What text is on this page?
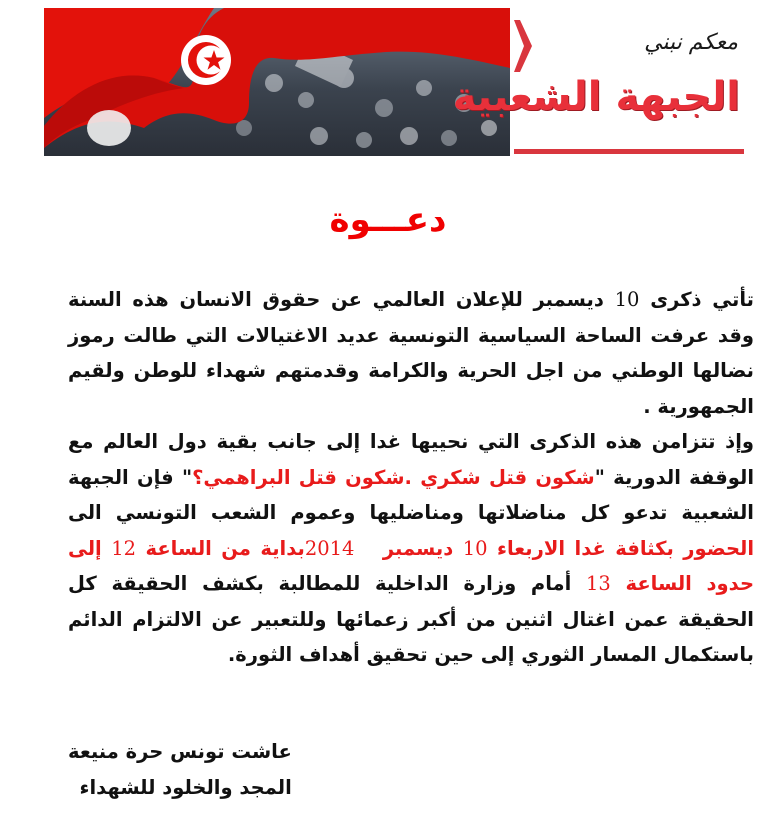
معكم نبني
الجبهة الشعبية
دعـــوة

تأتي ذكرى 10 ديسمبر للإعلان العالمي عن حقوق الانسان هذه السنة وقد عرفت الساحة السياسية التونسية عديد الاغتيالات التي طالت رموز نضالها الوطني من اجل الحرية والكرامة وقدمتهم شهداء للوطن ولقيم الجمهورية .

وإذ تتزامن هذه الذكرى التي نحييها غدا إلى جانب بقية دول العالم مع الوقفة الدورية "شكون قتل شكري .شكون قتل البراهمي؟" فإن الجبهة الشعبية تدعو كل مناضلاتها ومناضليها وعموم الشعب التونسي الى الحضور بكثافة غدا الاربعاء 10 ديسمبر   2014بداية من الساعة 12 إلى حدود الساعة 13 أمام وزارة الداخلية للمطالبة بكشف الحقيقة كل الحقيقة عمن اغتال اثنين من أكبر زعمائها وللتعبير عن الالتزام الدائم باستكمال المسار الثوري إلى حين تحقيق أهداف الثورة.

عاشت تونس حرة منيعة
المجد والخلود للشهداء
